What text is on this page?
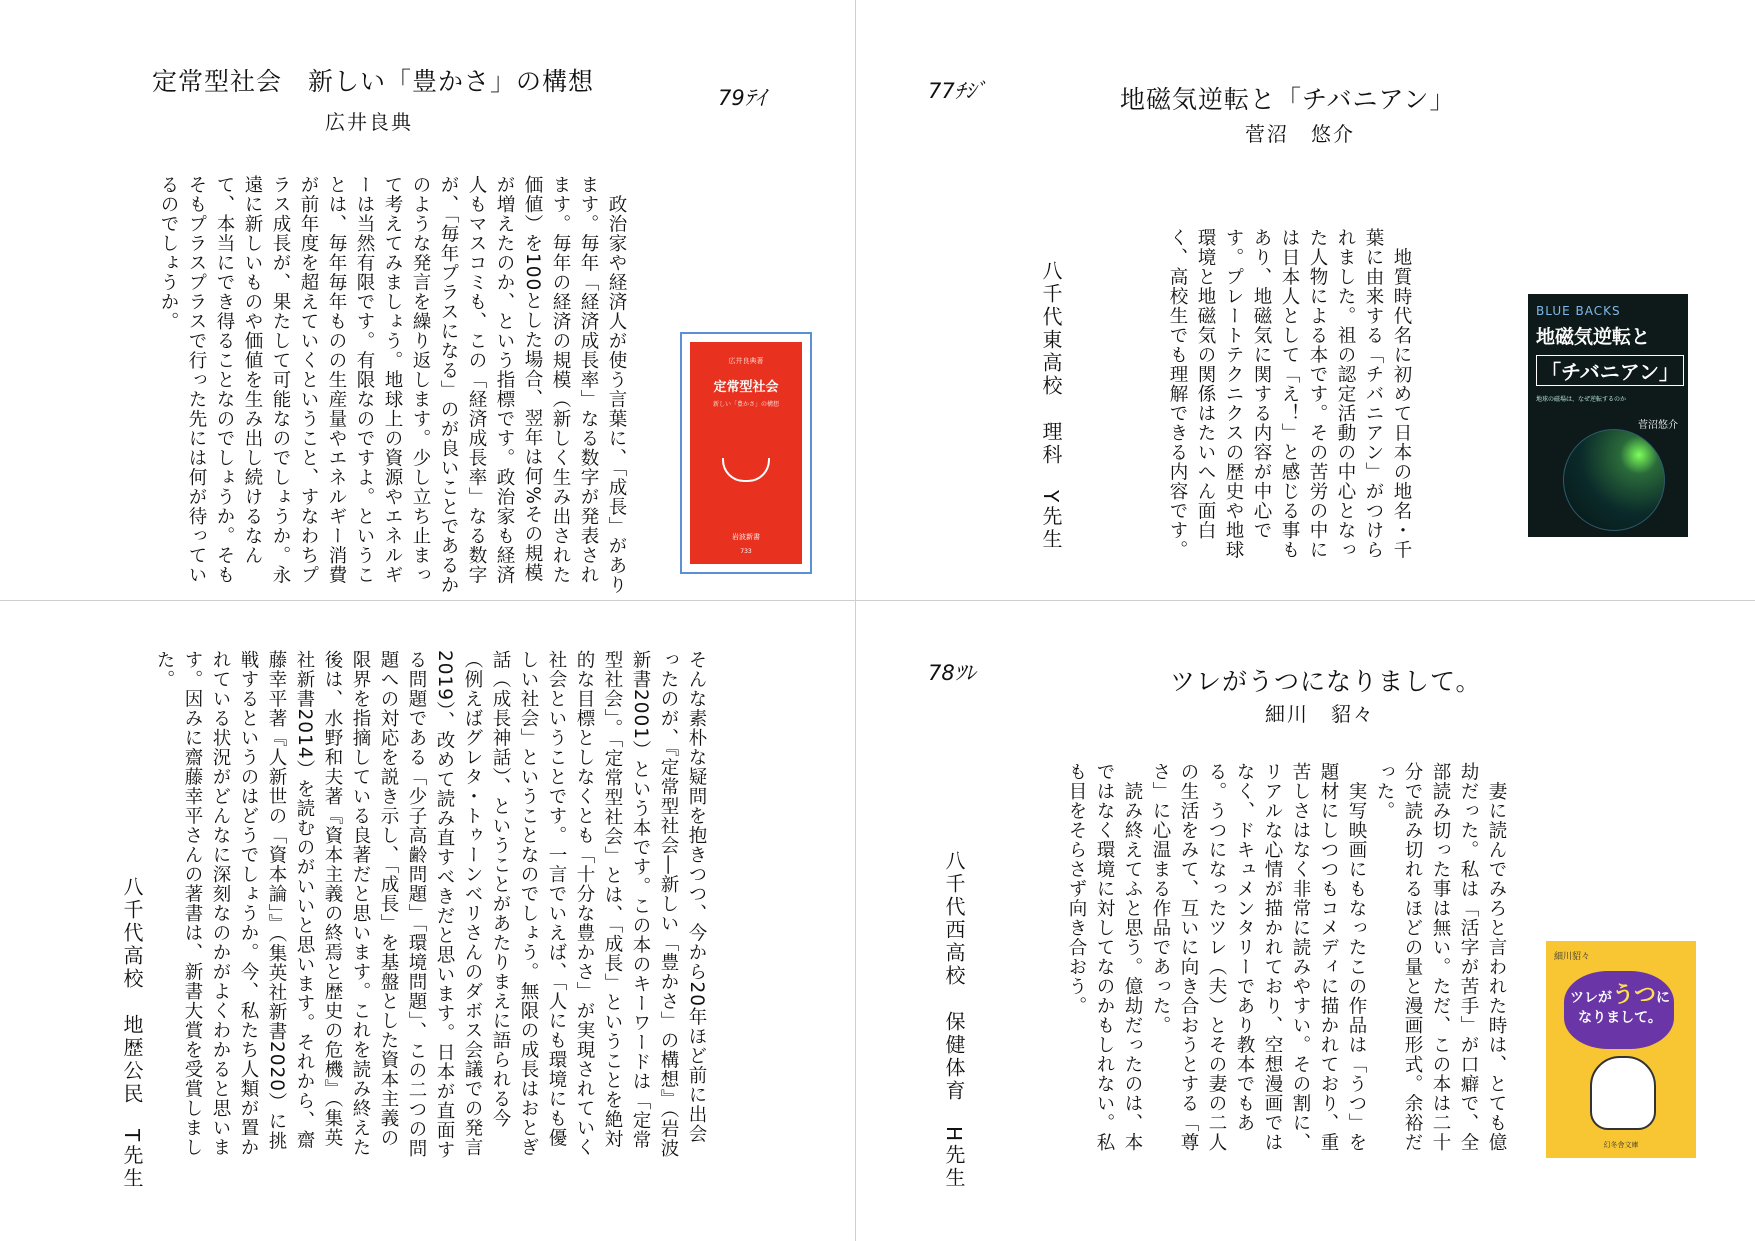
定常型社会　新しい「豊かさ」の構想
広井良典
79ﾃｲ
　政治家や経済人が使う言葉に、「成長」があります。毎年「経済成長率」なる数字が発表されます。毎年の経済の規模（新しく生み出された価値）を100とした場合、翌年は何%その規模が増えたのか、という指標です。政治家も経済人もマスコミも、この「経済成長率」なる数字が、「毎年プラスになる」のが良いことであるかのような発言を繰り返します。少し立ち止まって考えてみましょう。地球上の資源やエネルギーは当然有限です。有限なのですよ。ということは、毎年毎年ものの生産量やエネルギー消費が前年度を超えていくということ、すなわちプラス成長が、果たして可能なのでしょうか。永遠に新しいものや価値を生み出し続けるなんて、本当にでき得ることなのでしょうか。そもそもプラスプラスで行った先には何が待っているのでしょうか。
広井良典著
定常型社会
新しい「豊かさ」の構想
岩波新書
733
そんな素朴な疑問を抱きつつ、今から20年ほど前に出会ったのが、『定常型社会―新しい「豊かさ」の構想』（岩波新書2001）という本です。この本のキーワードは「定常型社会」。「定常型社会」とは、「成長」ということを絶対的な目標としなくとも「十分な豊かさ」が実現されていく社会ということです。一言でいえば、「人にも環境にも優しい社会」ということなのでしょう。無限の成長はおとぎ話（成長神話）、ということがあたりまえに語られる今（例えばグレタ・トゥーンベリさんのダボス会議での発言2019）、改めて読み直すべきだと思います。日本が直面する問題である「少子高齢問題」「環境問題」、この二つの問題への対応を説き示し、「成長」を基盤とした資本主義の限界を指摘している良著だと思います。これを読み終えた後は、水野和夫著『資本主義の終焉と歴史の危機』（集英社新書2014）を読むのがいいと思います。それから、齋藤幸平著『人新世の「資本論」』（集英社新書2020）に挑戦するというのはどうでしょうか。今、私たち人類が置かれている状況がどんなに深刻なのかがよくわかると思います。因みに齋藤幸平さんの著書は、新書大賞を受賞しました。
八千代高校　地歴公民　T先生
77ﾁｼﾞ	地磁気逆転と「チバニアン」
菅沼　悠介
　地質時代名に初めて日本の地名・千葉に由来する「チバニアン」がつけられました。祖の認定活動の中心となった人物による本です。その苦労の中には日本人として「え！」と感じる事もあり、地磁気に関する内容が中心です。プレートテクニクスの歴史や地球環境と地磁気の関係はたいへん面白く、高校生でも理解できる内容です。
八千代東高校　理科　Y先生	BLUE BACKS
地磁気逆転と
「チバニアン」
地球の磁場は、なぜ逆転するのか
菅沼悠介
78ﾂﾚ	ツレがうつになりまして。
細川　貂々
　妻に読んでみろと言われた時は、とても億劫だった。私は「活字が苦手」が口癖で、全部読み切った事は無い。ただ、この本は二十分で読み切れるほどの量と漫画形式。余裕だった。
　実写映画にもなったこの作品は「うつ」を題材にしつつもコメディに描かれており、重苦しさはなく非常に読みやすい。その割に、リアルな心情が描かれており、空想漫画ではなく、ドキュメンタリーであり教本でもある。うつになったツレ（夫）とその妻の二人の生活をみて、互いに向き合おうとする「尊さ」に心温まる作品であった。
　読み終えてふと思う。億劫だったのは、本ではなく環境に対してなのかもしれない。私も目をそらさず向き合おう。
八千代西高校　保健体育　H先生	細川貂々
ツレがうつに
なりまして。
幻冬舎文庫
